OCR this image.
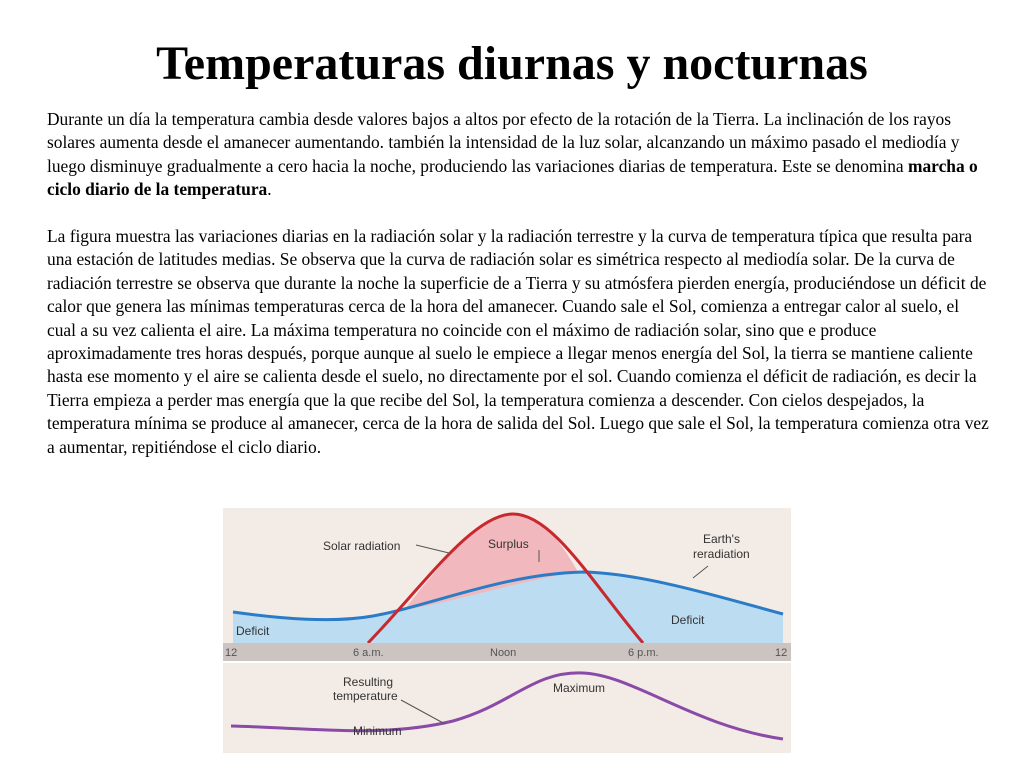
Temperaturas diurnas y nocturnas

Durante un día la temperatura cambia desde valores bajos a altos por efecto de la rotación de la Tierra. La inclinación de los rayos solares aumenta desde el amanecer aumentando. también la intensidad de la luz solar, alcanzando un máximo pasado el mediodía y luego disminuye gradualmente a cero hacia la noche, produciendo las variaciones diarias de temperatura. Este se denomina marcha o ciclo diario de la temperatura.

La figura muestra las variaciones diarias en la radiación solar y la radiación terrestre y la curva de temperatura típica que resulta para una estación de latitudes medias. Se observa que la curva de radiación solar es simétrica respecto al mediodía solar. De la curva de radiación terrestre se observa que durante la noche la superficie de a Tierra y su atmósfera pierden energía, produciéndose un déficit de calor que genera las mínimas temperaturas cerca de la hora del amanecer. Cuando sale el Sol, comienza a entregar calor al suelo, el cual a su vez calienta el aire. La máxima temperatura no coincide con el máximo de radiación solar, sino que e produce aproximadamente tres horas después, porque aunque al suelo le empiece a llegar menos energía del Sol, la tierra se mantiene caliente hasta ese momento y el aire se calienta desde el suelo, no directamente por el sol. Cuando comienza el déficit de radiación, es decir la Tierra empieza a perder mas energía que la que recibe del Sol, la temperatura comienza a descender. Con cielos despejados, la temperatura mínima se produce al amanecer, cerca de la hora de salida del Sol. Luego que sale el Sol, la temperatura comienza otra vez a aumentar, repitiéndose el ciclo diario.

Solar radiation	Surplus	Earth's
reradiation
Deficit
Deficit
12	6 a.m.	Noon	6 p.m.	12
Resulting
temperature
Maximum
Minimum
